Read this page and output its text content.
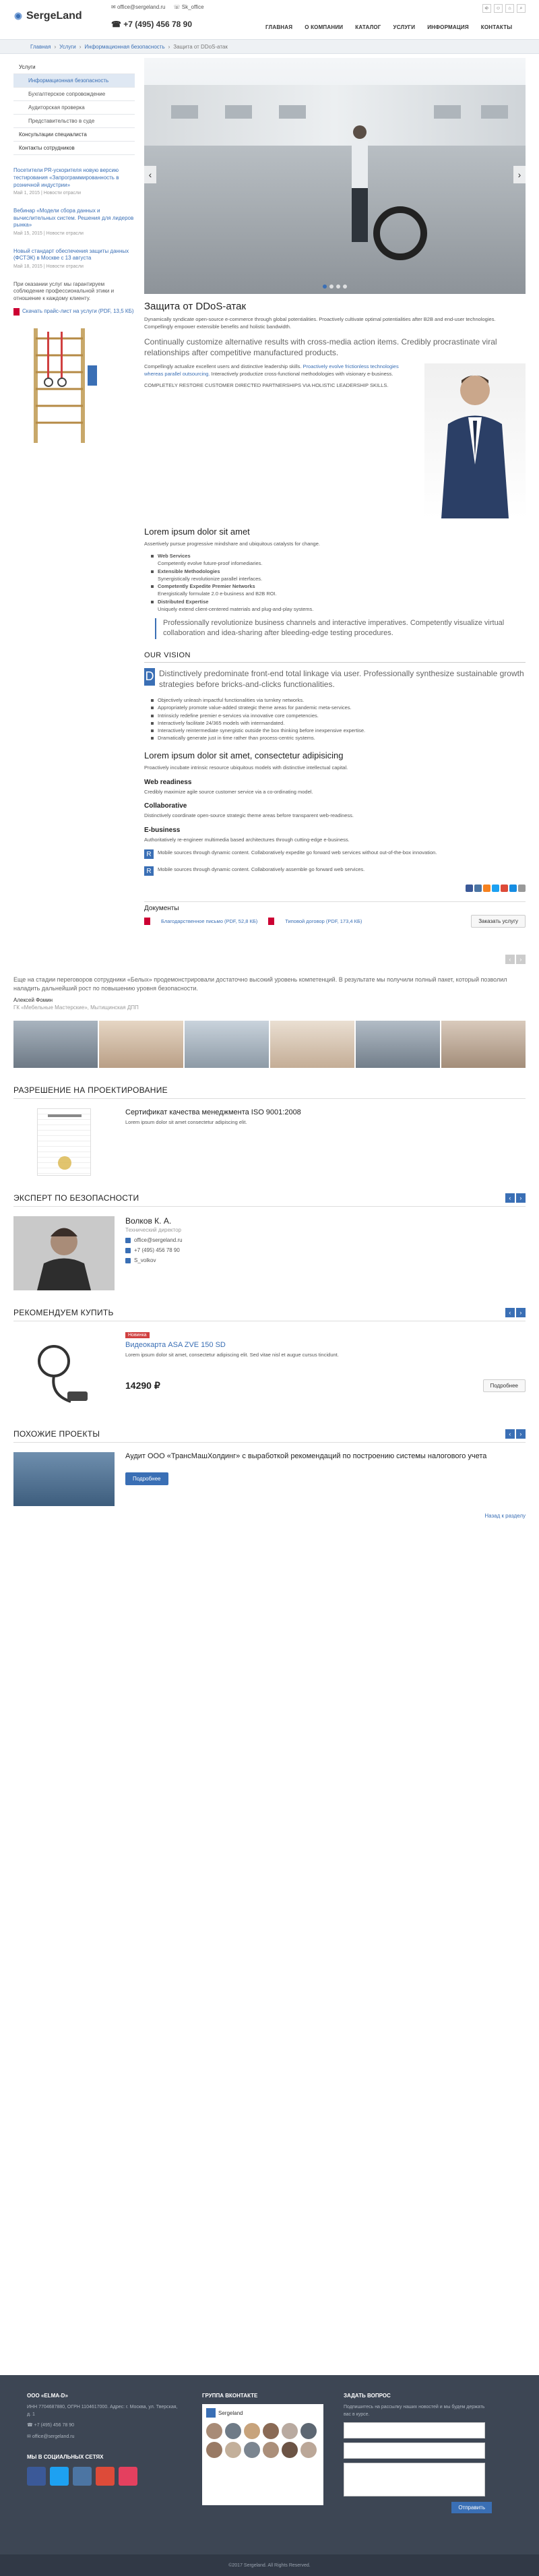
SergeLand
✉ office@sergeland.ru ☏ Sk_office
☎ +7 (495) 456 78 90
⎆	☺	⌂	⌕
ГЛАВНАЯ	О КОМПАНИИ	КАТАЛОГ	УСЛУГИ	ИНФОРМАЦИЯ	КОНТАКТЫ
Главная › Услуги › Информационная безопасность › Защита от DDoS-атак
Услуги
Информационная безопасность
Бухгалтерское сопровождение
Аудиторская проверка
Представительство в суде
Консультации специалиста
Контакты сотрудников
Посетители PR-ускорителя новую версию тестирования «Запрограммированность в розничной индустрии»
Май 1, 2015 | Новости отрасли
Вебинар «Модели сбора данных и вычислительных систем. Решения для лидеров рынка»
Май 15, 2015 | Новости отрасли
Новый стандарт обеспечения защиты данных (ФСТЭК) в Москве с 13 августа
Май 18, 2015 | Новости отрасли
При оказании услуг мы гарантируем соблюдение профессиональной этики и отношение к каждому клиенту.
Скачать прайс-лист на услуги (PDF, 13,5 КБ)
‹	›
Защита от DDoS-атак

Dynamically syndicate open-source e-commerce through global potentialities. Proactively cultivate optimal potentialities after B2B and end-user technologies. Compellingly empower extensible benefits and holistic bandwidth.

Continually customize alternative results with cross-media action items. Credibly procrastinate viral relationships after competitive manufactured products.

Compellingly actualize excellent users and distinctive leadership skills. Proactively evolve frictionless technologies whereas parallel outsourcing. Interactively productize cross-functional methodologies with visionary e-business.

COMPLETELY RESTORE CUSTOMER DIRECTED PARTNERSHIPS VIA HOLISTIC LEADERSHIP SKILLS.

Lorem ipsum dolor sit amet

Assertively pursue progressive mindshare and ubiquitous catalysts for change.

Web Services
Competently evolve future-proof infomediaries.
Extensible Methodologies
Synergistically revolutionize parallel interfaces.
Competently Expedite Premier Networks
Energistically formulate 2.0 e-business and B2B ROI.
Distributed Expertise
Uniquely extend client-centered materials and plug-and-play systems.
Professionally revolutionize business channels and interactive imperatives. Competently visualize virtual collaboration and idea-sharing after bleeding-edge testing procedures.
OUR VISION
D Distinctively predominate front-end total linkage via user. Professionally synthesize sustainable growth strategies before bricks-and-clicks functionalities.
Objectively unleash impactful functionalities via turnkey networks.
Appropriately promote value-added strategic theme areas for pandemic meta-services.
Intrinsicly redefine premier e-services via innovative core competencies.
Interactively facilitate 24/365 models with intermandated.
Interactively reintermediate synergistic outside the box thinking before inexpensive expertise.
Dramatically generate just in time rather than process-centric systems.
Lorem ipsum dolor sit amet, consectetur adipisicing

Proactively incubate intrinsic resource ubiquitous models with distinctive intellectual capital.

Web readiness

Credibly maximize agile source customer service via a co-ordinating model.

Collaborative

Distinctively coordinate open-source strategic theme areas before transparent web-readiness.

E-business

Authoritatively re-engineer multimedia based architectures through cutting-edge e-business.

R	Mobile sources through dynamic content. Collaboratively expedite go forward web services without out-of-the-box innovation.

R	Mobile sources through dynamic content. Collaboratively assemble go forward web services.

Документы
Благодарственное письмо (PDF, 52,8 КБ)	Типовой договор (PDF, 173,4 КБ)	Заказать услугу
‹	›
Еще на стадии переговоров сотрудники «Белых» продемонстрировали достаточно высокий уровень компетенций. В результате мы получили полный пакет, который позволил наладить дальнейший рост по повышению уровня безопасности.
Алексей Фомин
ГК «Мебельные Мастерские», Мытищинская ДПП
РАЗРЕШЕНИЕ НА ПРОЕКТИРОВАНИЕ
Сертификат качества менеджмента ISO 9001:2008

Lorem ipsum dolor sit amet consectetur adipiscing elit.

ЭКСПЕРТ ПО БЕЗОПАСНОСТИ	‹	›
Волков К. А.
Технический директор
office@sergeland.ru
+7 (495) 456 78 90
S_volkov
РЕКОМЕНДУЕМ КУПИТЬ	‹	›
Новинка
Видеокарта ASA ZVE 150 SD

Lorem ipsum dolor sit amet, consectetur adipiscing elit. Sed vitae nisl et augue cursus tincidunt.

14290 ₽	Подробнее
ПОХОЖИЕ ПРОЕКТЫ	‹	›
Аудит ООО «ТрансМашХолдинг» с выработкой рекомендаций по построению системы налогового учета
Подробнее
Назад к разделу
ООО «ELMA-D»

ИНН 7704687880, ОГРН 1104617000. Адрес: г. Москва, ул. Тверская, д. 1

☎ +7 (495) 456 78 90

✉ office@sergeland.ru

МЫ В СОЦИАЛЬНЫХ СЕТЯХ
ГРУППА ВКОНТАКТЕ
Sergeland
ЗАДАТЬ ВОПРОС

Подпишитесь на рассылку наших новостей и мы будем держать вас в курсе.

Отправить
©2017 Sergeland. All Rights Reserved.
